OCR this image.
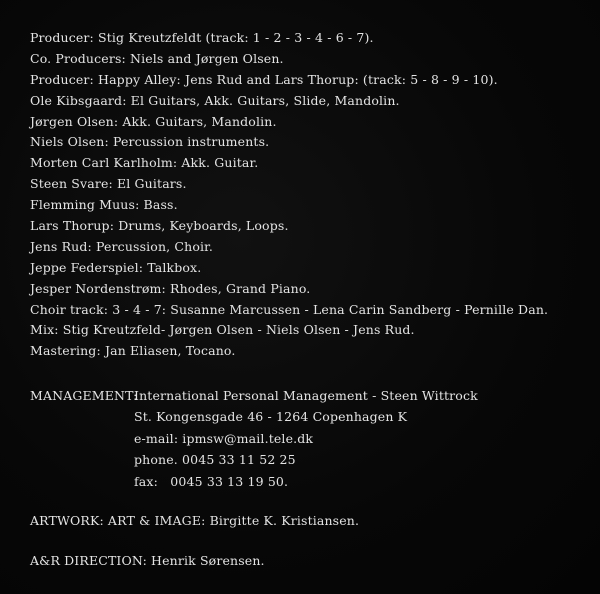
Producer: Stig Kreutzfeldt (track: 1 - 2 - 3 - 4 - 6 - 7).
Co. Producers: Niels and Jørgen Olsen.
Producer: Happy Alley: Jens Rud and Lars Thorup: (track: 5 - 8 - 9 - 10).
Ole Kibsgaard: El Guitars, Akk. Guitars, Slide, Mandolin.
Jørgen Olsen: Akk. Guitars, Mandolin.
Niels Olsen: Percussion instruments.
Morten Carl Karlholm: Akk. Guitar.
Steen Svare: El Guitars.
Flemming Muus: Bass.
Lars Thorup: Drums, Keyboards, Loops.
Jens Rud: Percussion, Choir.
Jeppe Federspiel: Talkbox.
Jesper Nordenstrøm: Rhodes, Grand Piano.
Choir track: 3 - 4 - 7: Susanne Marcussen - Lena Carin Sandberg - Pernille Dan.
Mix: Stig Kreutzfeld- Jørgen Olsen - Niels Olsen - Jens Rud.
Mastering: Jan Eliasen, Tocano.
MANAGEMENT:
International Personal Management - Steen Wittrock
St. Kongensgade 46 - 1264 Copenhagen K
e-mail: ipmsw@mail.tele.dk
phone. 0045 33 11 52 25
fax:   0045 33 13 19 50.
ARTWORK: ART & IMAGE: Birgitte K. Kristiansen.
A&R DIRECTION: Henrik Sørensen.
